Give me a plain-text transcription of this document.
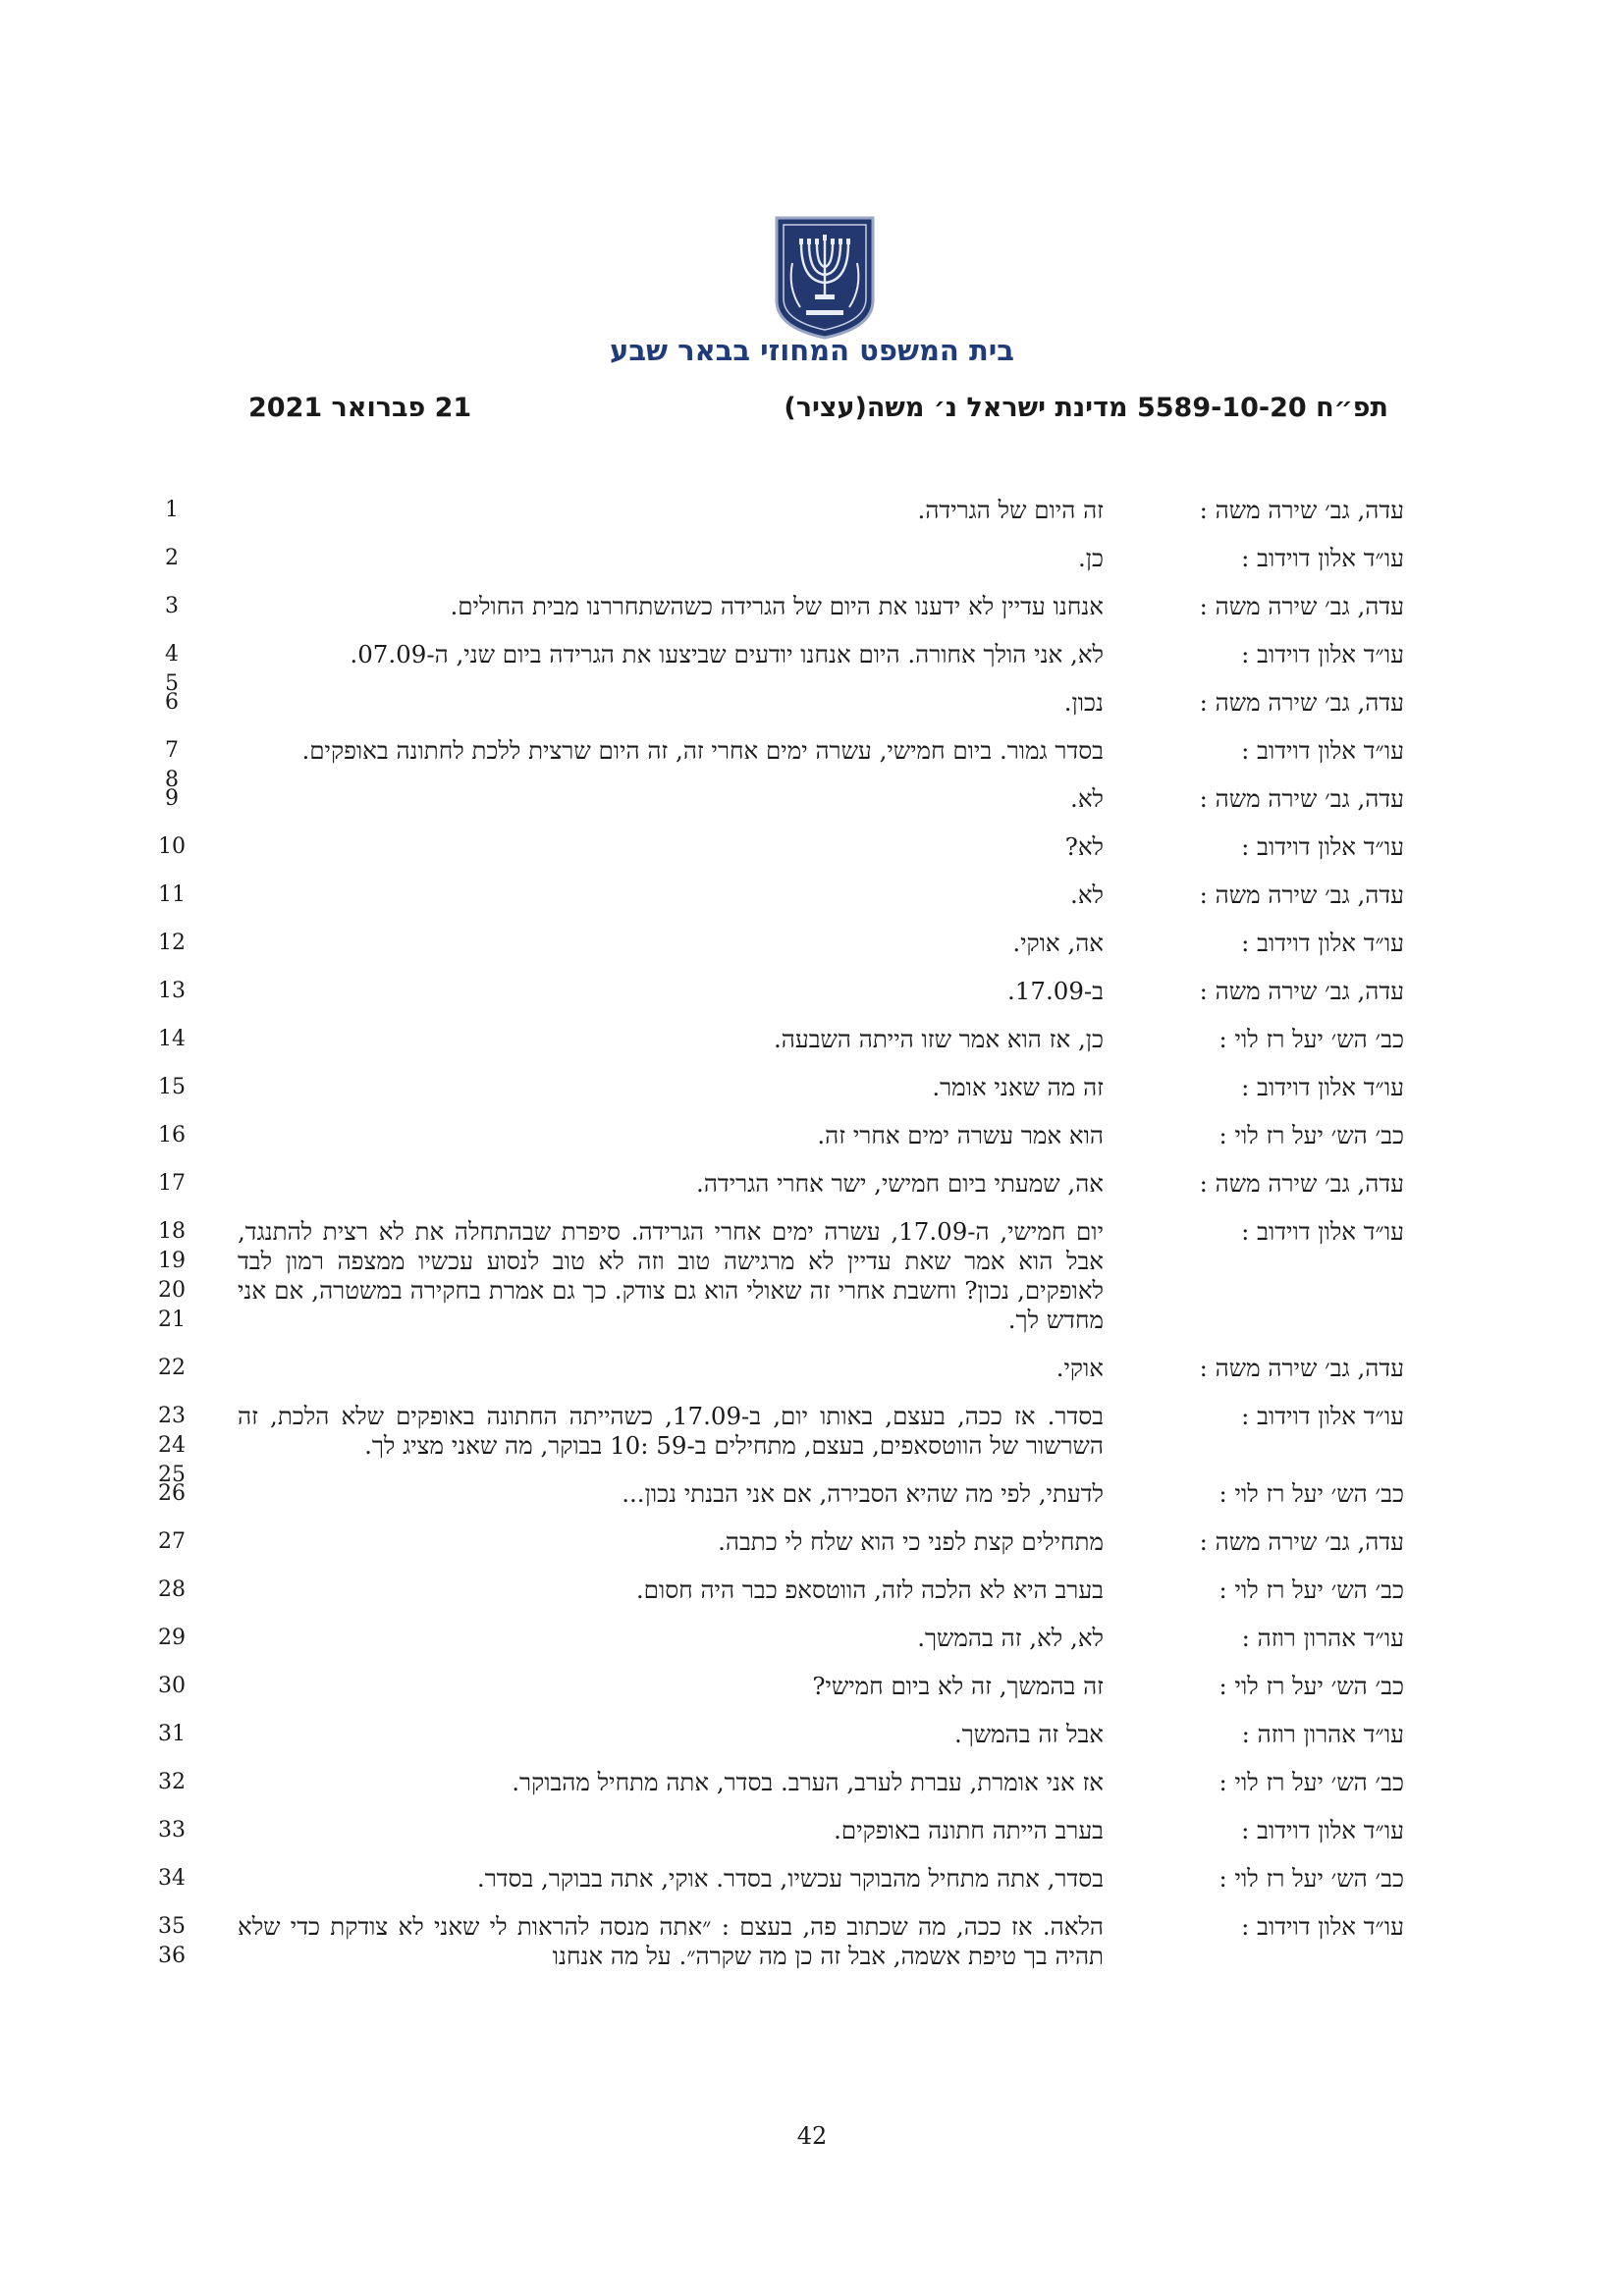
בית המשפט המחוזי בבאר שבע
תפ״ח 5589-10-20 מדינת ישראל נ׳ משה(עציר)
21 פברואר 2021
עדה, גב׳ שירה משה :
זה היום של הגרידה.
1
עו״ד אלון דוידוב :
כן.
2
עדה, גב׳ שירה משה :
אנחנו עדיין לא ידענו את היום של הגרידה כשהשתחררנו מבית החולים.
3
עו״ד אלון דוידוב :
לא, אני הולך אחורה. היום אנחנו יודעים שביצעו את הגרידה ביום שני, ה-07.09.
4
5
עדה, גב׳ שירה משה :
נכון.
6
עו״ד אלון דוידוב :
בסדר גמור. ביום חמישי, עשרה ימים אחרי זה, זה היום שרצית ללכת לחתונה באופקים.
7
8
עדה, גב׳ שירה משה :
לא.
9
עו״ד אלון דוידוב :
לא?
10
עדה, גב׳ שירה משה :
לא.
11
עו״ד אלון דוידוב :
אה, אוקי.
12
עדה, גב׳ שירה משה :
ב-17.09.
13
כב׳ הש׳ יעל רז לוי :
כן, אז הוא אמר שזו הייתה השבעה.
14
עו״ד אלון דוידוב :
זה מה שאני אומר.
15
כב׳ הש׳ יעל רז לוי :
הוא אמר עשרה ימים אחרי זה.
16
עדה, גב׳ שירה משה :
אה, שמעתי ביום חמישי, ישר אחרי הגרידה.
17
עו״ד אלון דוידוב :
יום חמישי, ה-17.09, עשרה ימים אחרי הגרידה. סיפרת שבהתחלה את לא רצית להתנגד, אבל הוא אמר שאת עדיין לא מרגישה טוב וזה לא טוב לנסוע עכשיו ממצפה רמון לבד לאופקים, נכון? וחשבת אחרי זה שאולי הוא גם צודק. כך גם אמרת בחקירה במשטרה, אם אני מחדש לך.
18
19
20
21
עדה, גב׳ שירה משה :
אוקי.
22
עו״ד אלון דוידוב :
בסדר. אז ככה, בעצם, באותו יום, ב-17.09, כשהייתה החתונה באופקים שלא הלכת, זה השרשור של הווטסאפים, בעצם, מתחילים ב-59 :10 בבוקר, מה שאני מציג לך.
23
24
25
כב׳ הש׳ יעל רז לוי :
לדעתי, לפי מה שהיא הסבירה, אם אני הבנתי נכון...
26
עדה, גב׳ שירה משה :
מתחילים קצת לפני כי הוא שלח לי כתבה.
27
כב׳ הש׳ יעל רז לוי :
בערב היא לא הלכה לזה, הווטסאפ כבר היה חסום.
28
עו״ד אהרון רוזה :
לא, לא, זה בהמשך.
29
כב׳ הש׳ יעל רז לוי :
זה בהמשך, זה לא ביום חמישי?
30
עו״ד אהרון רוזה :
אבל זה בהמשך.
31
כב׳ הש׳ יעל רז לוי :
אז אני אומרת, עברת לערב, הערב. בסדר, אתה מתחיל מהבוקר.
32
עו״ד אלון דוידוב :
בערב הייתה חתונה באופקים.
33
כב׳ הש׳ יעל רז לוי :
בסדר, אתה מתחיל מהבוקר עכשיו, בסדר. אוקי, אתה בבוקר, בסדר.
34
עו״ד אלון דוידוב :
הלאה. אז ככה, מה שכתוב פה, בעצם : ״אתה מנסה להראות לי שאני לא צודקת כדי שלא תהיה בך טיפת אשמה, אבל זה כן מה שקרה״. על מה אנחנו
35
36
42
